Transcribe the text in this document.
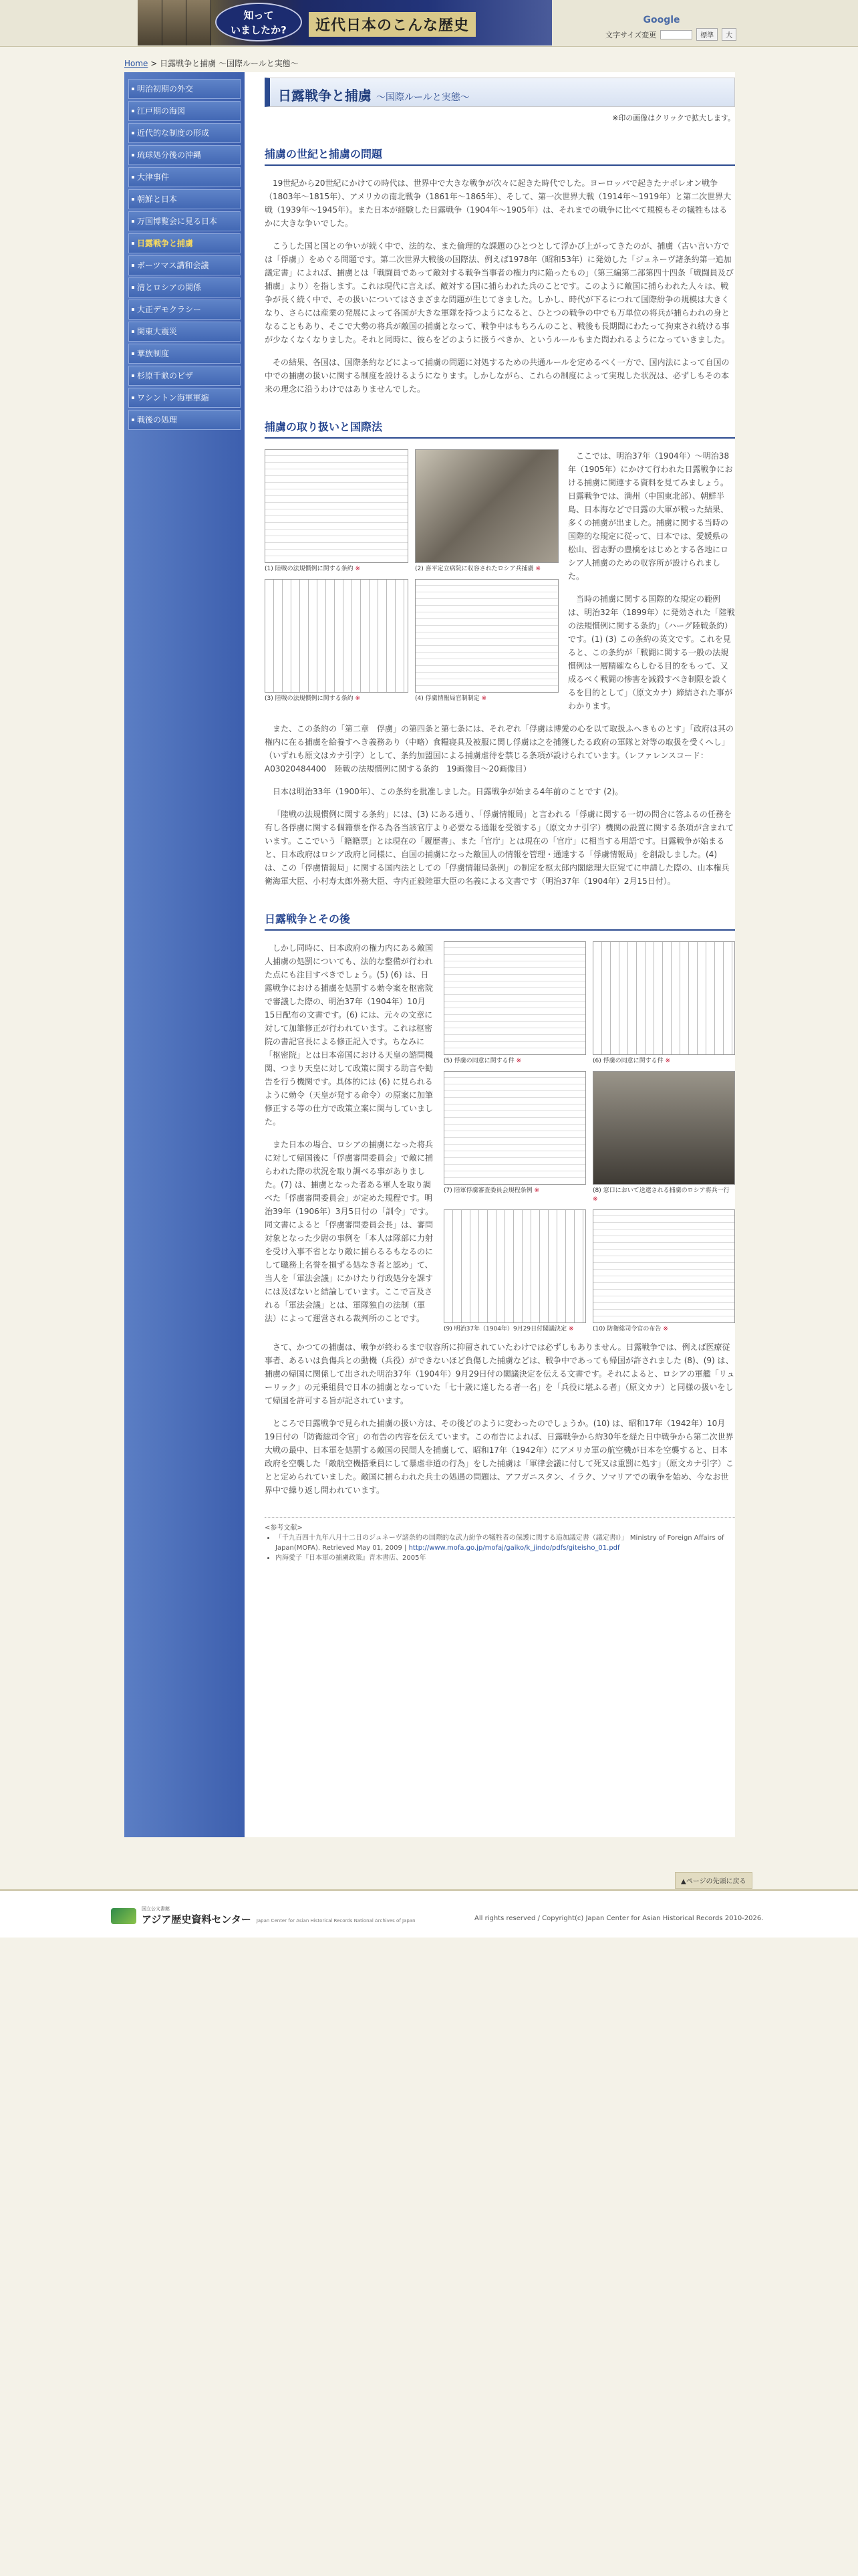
知って
いましたか?	近代日本のこんな歴史	Google
文字サイズ変更	標準	大
Home > 日露戦争と捕虜 〜国際ルールと実態〜
明治初期の外交
江戸期の海図
近代的な制度の形成
琉球処分後の沖縄
大津事件
朝鮮と日本
万国博覧会に見る日本
日露戦争と捕虜
ボーツマス講和会議
清とロシアの関係
大正デモクラシー
関東大震災
華族制度
杉原千畝のビザ
ワシントン海軍軍縮
戦後の処理
日露戦争と捕虜 〜国際ルールと実態〜
※印の画像はクリックで拡大します。
捕虜の世紀と捕虜の問題

19世紀から20世紀にかけての時代は、世界中で大きな戦争が次々に起きた時代でした。ヨーロッパで起きたナポレオン戦争（1803年〜1815年）、アメリカの南北戦争（1861年〜1865年）、そして、第一次世界大戦（1914年〜1919年）と第二次世界大戦（1939年〜1945年）。また日本が経験した日露戦争（1904年〜1905年）は、それまでの戦争に比べて規模もその犠牲もはるかに大きな争いでした。

こうした国と国との争いが続く中で、法的な、また倫理的な課題のひとつとして浮かび上がってきたのが、捕虜（古い言い方では「俘虜」）をめぐる問題です。第二次世界大戦後の国際法、例えば1978年（昭和53年）に発効した「ジュネーヴ諸条約第一追加議定書」によれば、捕虜とは「戦闘員であって敵対する戦争当事者の権力内に陥ったもの」（第三編第二部第四十四条「戦闘員及び捕虜」より）を指します。これは現代に言えば、敵対する国に捕らわれた兵のことです。このように敵国に捕らわれた人々は、戦争が長く続く中で、その扱いについてはさまざまな問題が生じてきました。しかし、時代が下るにつれて国際紛争の規模は大きくなり、さらには産業の発展によって各国が大きな軍隊を持つようになると、ひとつの戦争の中でも万単位の将兵が捕らわれの身となることもあり、そこで大勢の将兵が敵国の捕虜となって、戦争中はもちろんのこと、戦後も長期間にわたって拘束され続ける事が少なくなくなりました。それと同時に、彼らをどのように扱うべきか、というルールもまた問われるようになっていきました。

その結果、各国は、国際条約などによって捕虜の問題に対処するための共通ルールを定めるべく一方で、国内法によって自国の中での捕虜の扱いに関する制度を設けるようになります。しかしながら、これらの制度によって実現した状況は、必ずしもその本来の理念に沿うわけではありませんでした。

捕虜の取り扱いと国際法
(1) 陸戦の法規慣例に関する条約 ※	(2) 喜平定立病院に収容されたロシア兵捕虜 ※
(3) 陸戦の法規慣例に関する条約 ※	(4) 俘虜情報局官制制定 ※

ここでは、明治37年（1904年）〜明治38年（1905年）にかけて行われた日露戦争における捕虜に関連する資料を見てみましょう。日露戦争では、満州（中国東北部）、朝鮮半島、日本海などで日露の大軍が戦った結果、多くの捕虜が出ました。捕虜に関する当時の国際的な規定に従って、日本では、愛媛県の松山、習志野の豊橋をはじめとする各地にロシア人捕虜のための収容所が設けられました。

当時の捕虜に関する国際的な規定の範例は、明治32年（1899年）に発効された「陸戦の法規慣例に関する条約」（ハーグ陸戦条約）です。(1) (3) この条約の英文です。これを見ると、この条約が「戦闘に関する一般の法規慣例は一層精確ならしむる目的をもって、又成るべく戦闘の惨害を減殺すべき制限を設くるを目的として」（原文カナ）締結された事がわかります。

また、この条約の「第二章　俘虜」の第四条と第七条には、それぞれ「俘虜は博愛の心を以て取扱ふへきものとす」「政府は其の権内に在る捕虜を給養すへき義務あり（中略）食糧寝具及被服に関し俘虜は之を捕獲したる政府の軍隊と対等の取扱を受くへし」（いずれも原文はカナ引字）として、条約加盟国による捕虜虐待を禁じる条項が設けられています。（レファレンスコード：A03020484400　陸戦の法規慣例に関する条約　19画像目〜20画像目）

日本は明治33年（1900年）、この条約を批准しました。日露戦争が始まる4年前のことです (2)。

「陸戦の法規慣例に関する条約」には、(3) にある通り、「俘虜情報局」と言われる「俘虜に関する一切の問合に答ふるの任務を有し各俘虜に関する個籍票を作る為各当該官庁より必要なる通報を受領する」（原文カナ引字）機関の設置に関する条項が含まれています。ここでいう「籍籍票」とは現在の「履歴書」、また「官庁」とは現在の「官庁」に相当する用語です。日露戦争が始まると、日本政府はロシア政府と同様に、自国の捕虜になった敵国人の情報を管理・通達する「俘虜情報局」を創設しました。(4) は、この「俘虜情報局」に関する国内法としての「俘虜情報局条例」の制定を枢太郎内閣総理大臣宛てに申請した際の、山本権兵衛海軍大臣、小村寿太郎外務大臣、寺内正毅陸軍大臣の名義による文書です（明治37年（1904年）2月15日付）。

日露戦争とその後
(5) 俘虜の同意に関する件 ※	(6) 俘虜の同意に関する件 ※
(7) 陸軍俘虜審査委員会規程条例 ※	(8) 窓口において送還される捕虜のロシア将兵一行 ※
(9) 明治37年（1904年）9月29日付閣議決定 ※	(10) 防衛総司令官の布告 ※

しかし同時に、日本政府の権力内にある敵国人捕虜の処罰についても、法的な整備が行われた点にも注目すべきでしょう。(5) (6) は、日露戦争における捕虜を処罰する勅令案を枢密院で審議した際の、明治37年（1904年）10月15日配布の文書です。(6) には、元々の文章に対して加筆修正が行われています。これは枢密院の書記官長による修正記入です。ちなみに「枢密院」とは日本帝国における天皇の諮問機関、つまり天皇に対して政策に関する助言や勧告を行う機関です。具体的には (6) に見られるように勅令（天皇が発する命令）の原案に加筆修正する等の仕方で政策立案に関与していました。

また日本の場合、ロシアの捕虜になった将兵に対して帰国後に「俘虜審問委員会」で敵に捕らわれた際の状況を取り調べる事がありました。(7) は、捕虜となった者ある軍人を取り調べた「俘虜審問委員会」が定めた規程です。明治39年（1906年）3月5日付の「訓令」です。同文書によると「俘虜審問委員会長」は、審問対象となった少尉の事例を「本人は隊部に力射を受け入事不省となり敵に捕らるるもなるのにして職務上名誉を損ずる処なき者と認め」て、当人を「軍法会議」にかけたり行政処分を課すには及ばないと結論しています。ここで言及される「軍法会議」とは、軍隊独自の法制（軍法）によって運営される裁判所のことです。

さて、かつての捕虜は、戦争が終わるまで収容所に抑留されていたわけでは必ずしもありません。日露戦争では、例えば医療従事者、あるいは負傷兵との動機（兵役）ができないほど負傷した捕虜などは、戦争中であっても帰国が許されました (8)、(9) は、捕虜の帰国に関係して出された明治37年（1904年）9月29日付の閣議決定を伝える文書です。それによると、ロシアの軍艦「リューリック」の元乗組員で日本の捕虜となっていた「七十歳に達したる者一名」を「兵役に堪ふる者」（原文カナ）と同様の扱いをして帰国を許可する旨が記されています。

ところで日露戦争で見られた捕虜の扱い方は、その後どのように変わったのでしょうか。(10) は、昭和17年（1942年）10月19日付の「防衛総司令官」の布告の内容を伝えています。この布告によれば、日露戦争から約30年を経た日中戦争から第二次世界大戦の最中、日本軍を処罰する敵国の民間人を捕虜して、昭和17年（1942年）にアメリカ軍の航空機が日本を空襲すると、日本政府を空襲した「敵航空機搭乗員にして暴虐非道の行為」をした捕虜は「軍律会議に付して死又は重罰に処す」（原文カナ引字）ことと定められていました。敵国に捕らわれた兵士の処遇の問題は、アフガニスタン、イラク、ソマリアでの戦争を始め、今なお世界中で繰り返し問われています。

<参考文献>
• 「千九百四十九年八月十二日のジュネーヴ諸条約の国際的な武力紛争の犠牲者の保護に関する追加議定書（議定書I）」 Ministry of Foreign Affairs of Japan(MOFA). Retrieved May 01, 2009 | http://www.mofa.go.jp/mofaj/gaiko/k_jindo/pdfs/giteisho_01.pdf
• 内海愛子『日本軍の捕虜政策』青木書店、2005年
▲ページの先頭に戻る
国立公文書館
アジア歴史資料センター Japan Center for Asian Historical Records National Archives of Japan	All rights reserved / Copyright(c) Japan Center for Asian Historical Records 2010-2026.
